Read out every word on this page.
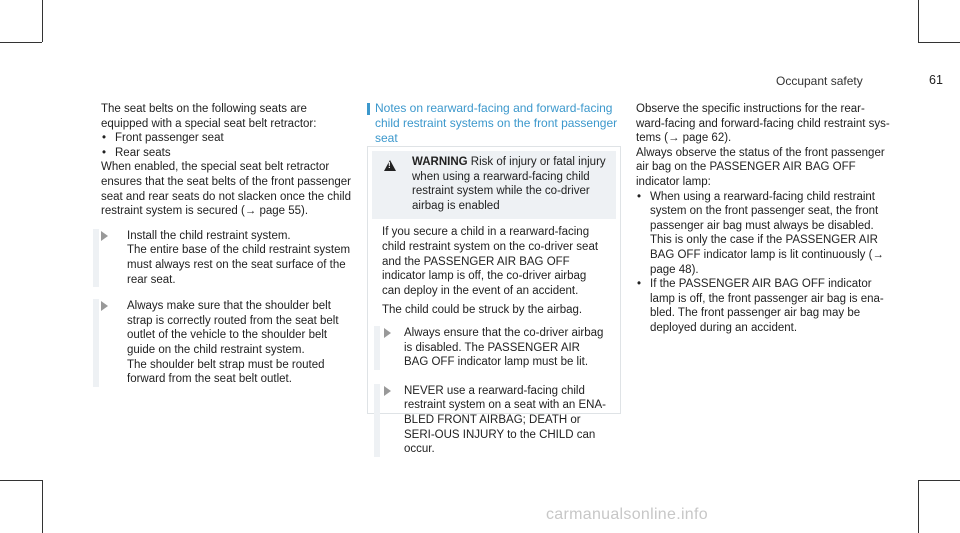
Occupant safety	61

The seat belts on the following seats are equipped with a special seat belt retractor:

• Front passenger seat
• Rear seats

When enabled, the special seat belt retractor ensures that the seat belts of the front passenger seat and rear seats do not slacken once the child restraint system is secured (→ page 55).

Install the child restraint system.
The entire base of the child restraint system must always rest on the seat surface of the rear seat.
Always make sure that the shoulder belt strap is correctly routed from the seat belt outlet of the vehicle to the shoulder belt guide on the child restraint system.
The shoulder belt strap must be routed forward from the seat belt outlet.
Notes on rearward-facing and forward-facing child restraint systems on the front passenger seat
!
WARNING Risk of injury or fatal injury when using a rearward-facing child restraint system while the co-driver airbag is enabled

If you secure a child in a rearward-facing child restraint system on the co-driver seat and the PASSENGER AIR BAG OFF indicator lamp is off, the co-driver airbag can deploy in the event of an accident.

The child could be struck by the airbag.

Always ensure that the co-driver airbag is disabled. The PASSENGER AIR BAG OFF indicator lamp must be lit.
NEVER use a rearward-facing child restraint system on a seat with an ENA-BLED FRONT AIRBAG; DEATH or SERI-OUS INJURY to the CHILD can occur.

Observe the specific instructions for the rear-ward-facing and forward-facing child restraint sys-tems (→ page 62).

Always observe the status of the front passenger air bag on the PASSENGER AIR BAG OFF indicator lamp:

• When using a rearward-facing child restraint system on the front passenger seat, the front passenger air bag must always be disabled. This is only the case if the PASSENGER AIR BAG OFF indicator lamp is lit continuously (→ page 48).
• If the PASSENGER AIR BAG OFF indicator lamp is off, the front passenger air bag is ena-bled. The front passenger air bag may be deployed during an accident.
carmanualsonline.info
